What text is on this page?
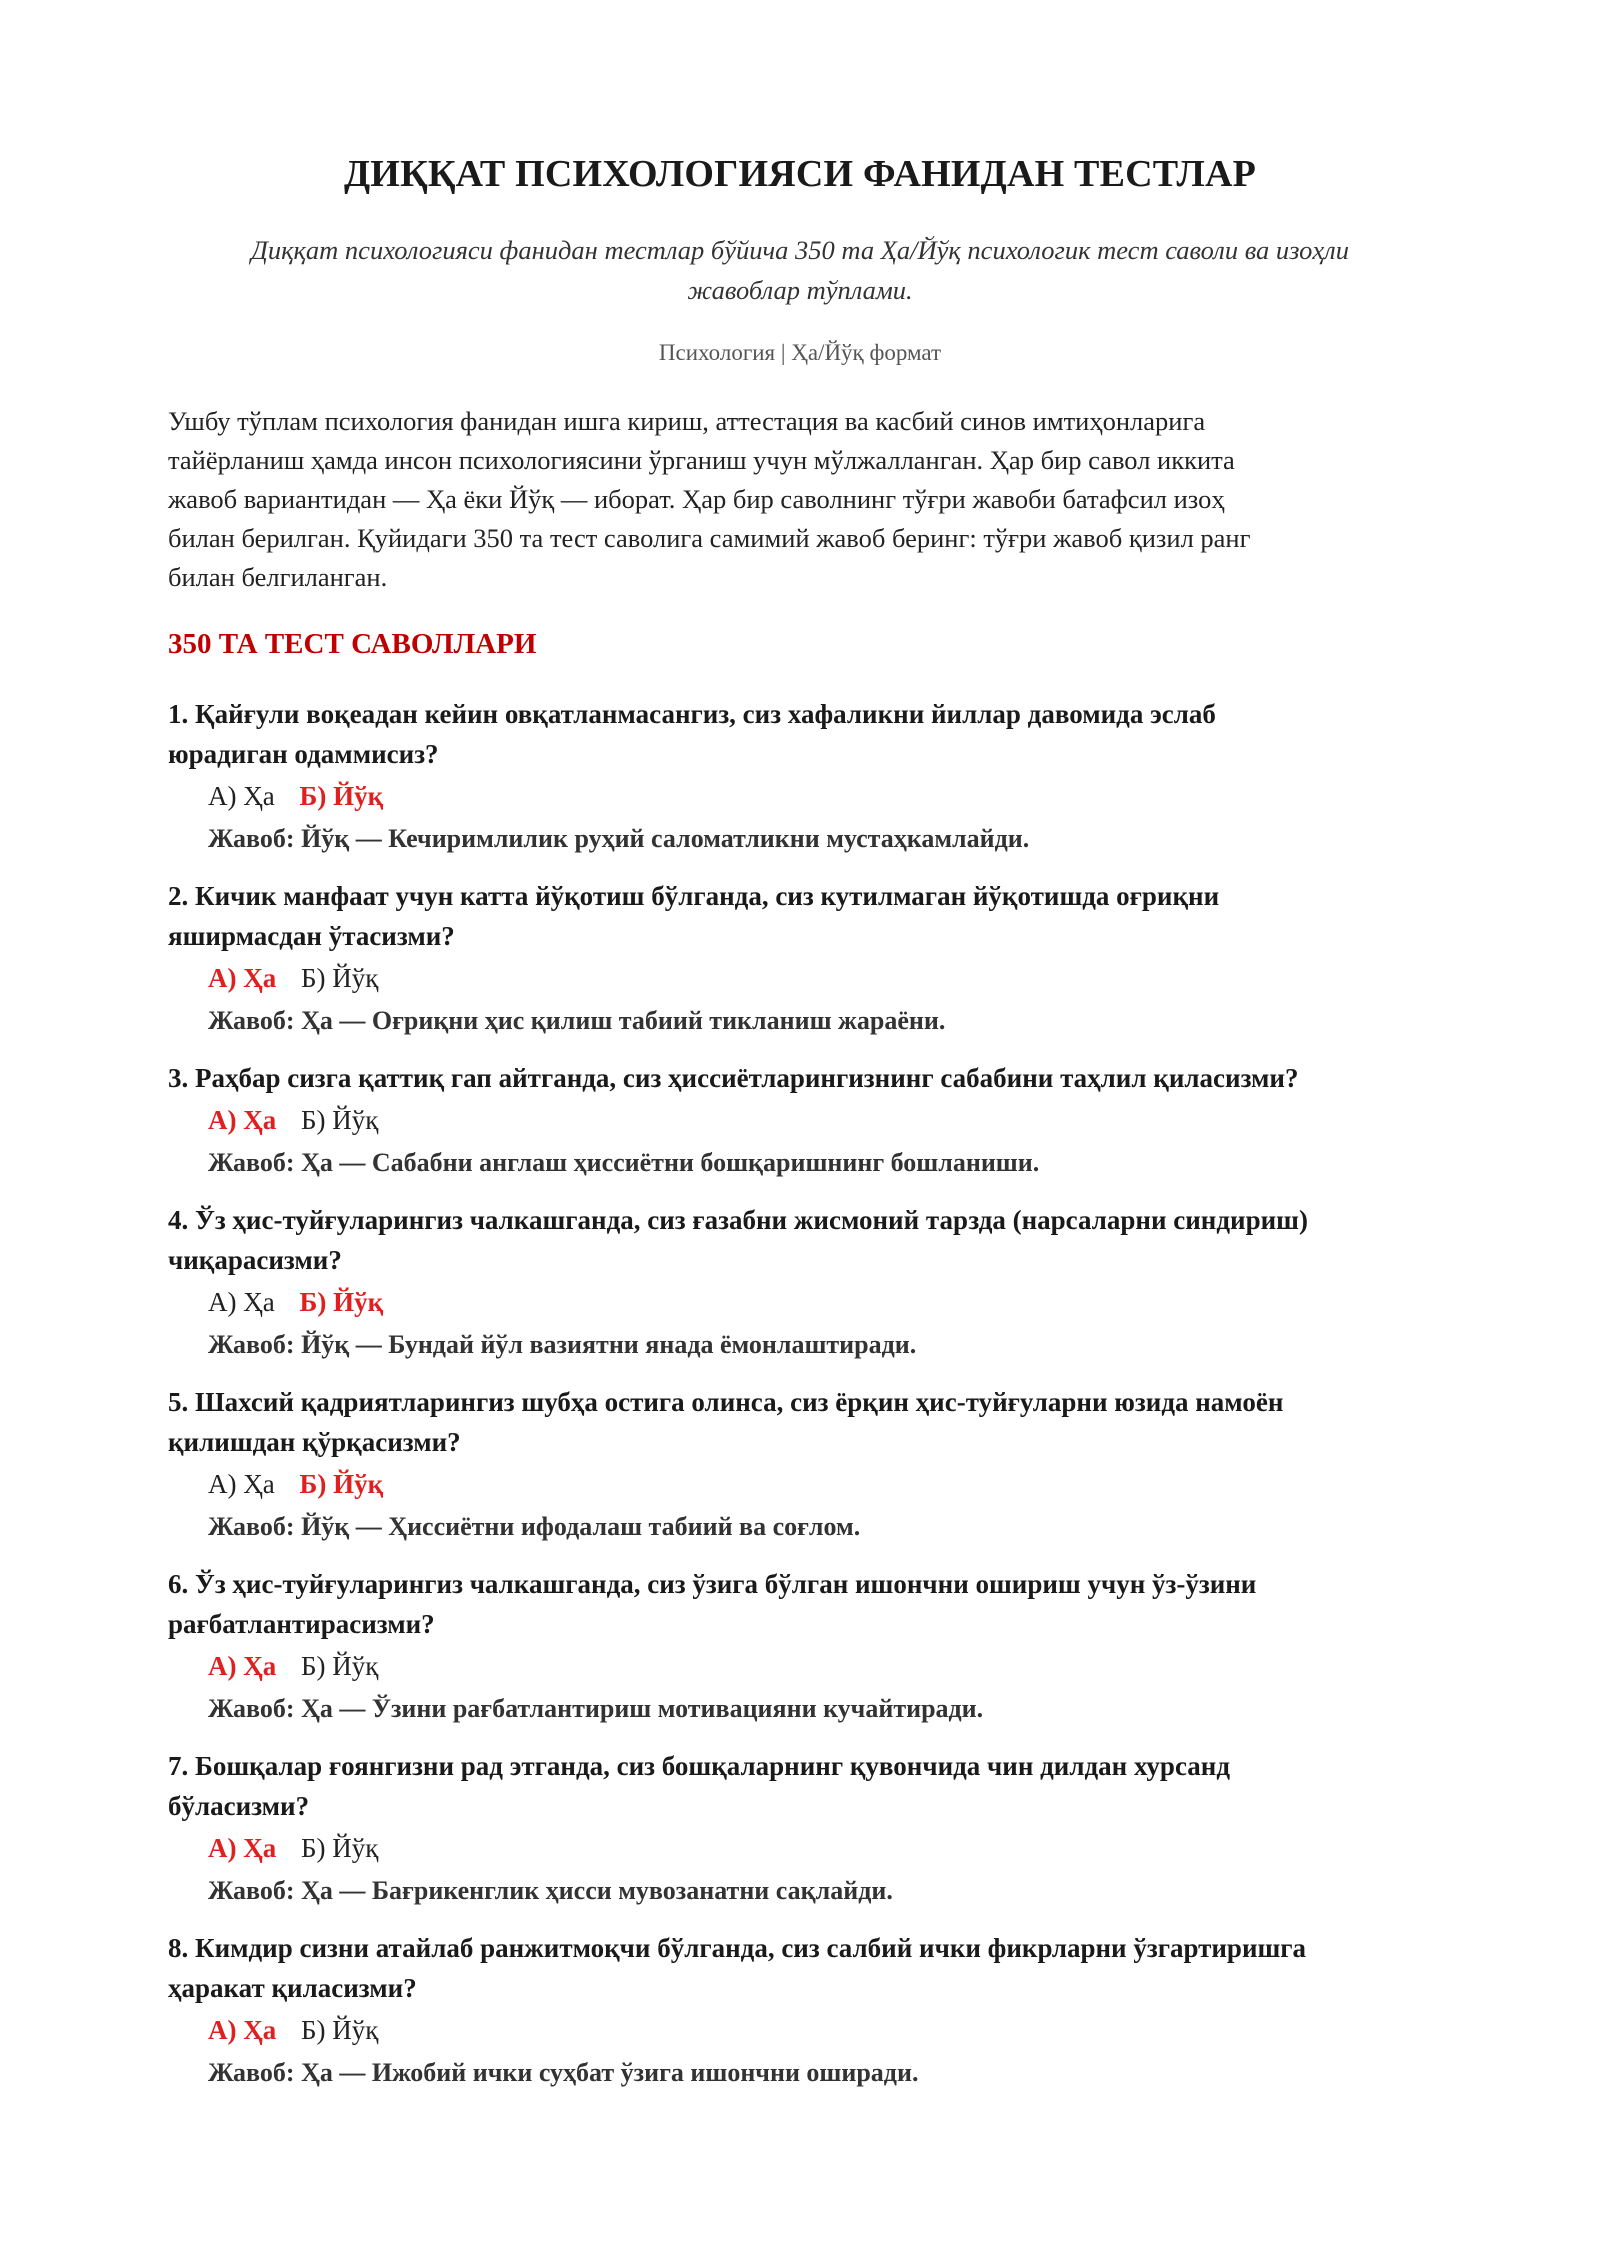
ДИҚҚАТ ПСИХОЛОГИЯСИ ФАНИДАН ТЕСТЛАР
Диққат психологияси фанидан тестлар бўйича 350 та Ҳа/Йўқ психологик тест саволи ва изоҳли
жавоблар тўплами.
Психология | Ҳа/Йўқ формат
Ушбу тўплам психология фанидан ишга кириш, аттестация ва касбий синов имтиҳонларига
тайёрланиш ҳамда инсон психологиясини ўрганиш учун мўлжалланган. Ҳар бир савол иккита
жавоб вариантидан — Ҳа ёки Йўқ — иборат. Ҳар бир саволнинг тўғри жавоби батафсил изоҳ
билан берилган. Қуйидаги 350 та тест саволига самимий жавоб беринг: тўғри жавоб қизил ранг
билан белгиланган.
350 ТА ТЕСТ САВОЛЛАРИ
1. Қайғули воқеадан кейин овқатланмасангиз, сиз хафаликни йиллар давомида эслаб
юрадиган одаммисиз?
А) Ҳа Б) Йўқ
Жавоб: Йўқ — Кечиримлилик руҳий саломатликни мустаҳкамлайди.
2. Кичик манфаат учун катта йўқотиш бўлганда, сиз кутилмаган йўқотишда оғриқни
яширмасдан ўтасизми?
А) Ҳа Б) Йўқ
Жавоб: Ҳа — Оғриқни ҳис қилиш табиий тикланиш жараёни.
3. Раҳбар сизга қаттиқ гап айтганда, сиз ҳиссиётларингизнинг сабабини таҳлил қиласизми?
А) Ҳа Б) Йўқ
Жавоб: Ҳа — Сабабни англаш ҳиссиётни бошқаришнинг бошланиши.
4. Ўз ҳис-туйғуларингиз чалкашганда, сиз ғазабни жисмоний тарзда (нарсаларни синдириш)
чиқарасизми?
А) Ҳа Б) Йўқ
Жавоб: Йўқ — Бундай йўл вазиятни янада ёмонлаштиради.
5. Шахсий қадриятларингиз шубҳа остига олинса, сиз ёрқин ҳис-туйғуларни юзида намоён
қилишдан қўрқасизми?
А) Ҳа Б) Йўқ
Жавоб: Йўқ — Ҳиссиётни ифодалаш табиий ва соғлом.
6. Ўз ҳис-туйғуларингиз чалкашганда, сиз ўзига бўлган ишончни ошириш учун ўз-ўзини
рағбатлантирасизми?
А) Ҳа Б) Йўқ
Жавоб: Ҳа — Ўзини рағбатлантириш мотивацияни кучайтиради.
7. Бошқалар ғоянгизни рад этганда, сиз бошқаларнинг қувончида чин дилдан хурсанд
бўласизми?
А) Ҳа Б) Йўқ
Жавоб: Ҳа — Бағрикенглик ҳисси мувозанатни сақлайди.
8. Кимдир сизни атайлаб ранжитмоқчи бўлганда, сиз салбий ички фикрларни ўзгартиришга
ҳаракат қиласизми?
А) Ҳа Б) Йўқ
Жавоб: Ҳа — Ижобий ички суҳбат ўзига ишончни оширади.
